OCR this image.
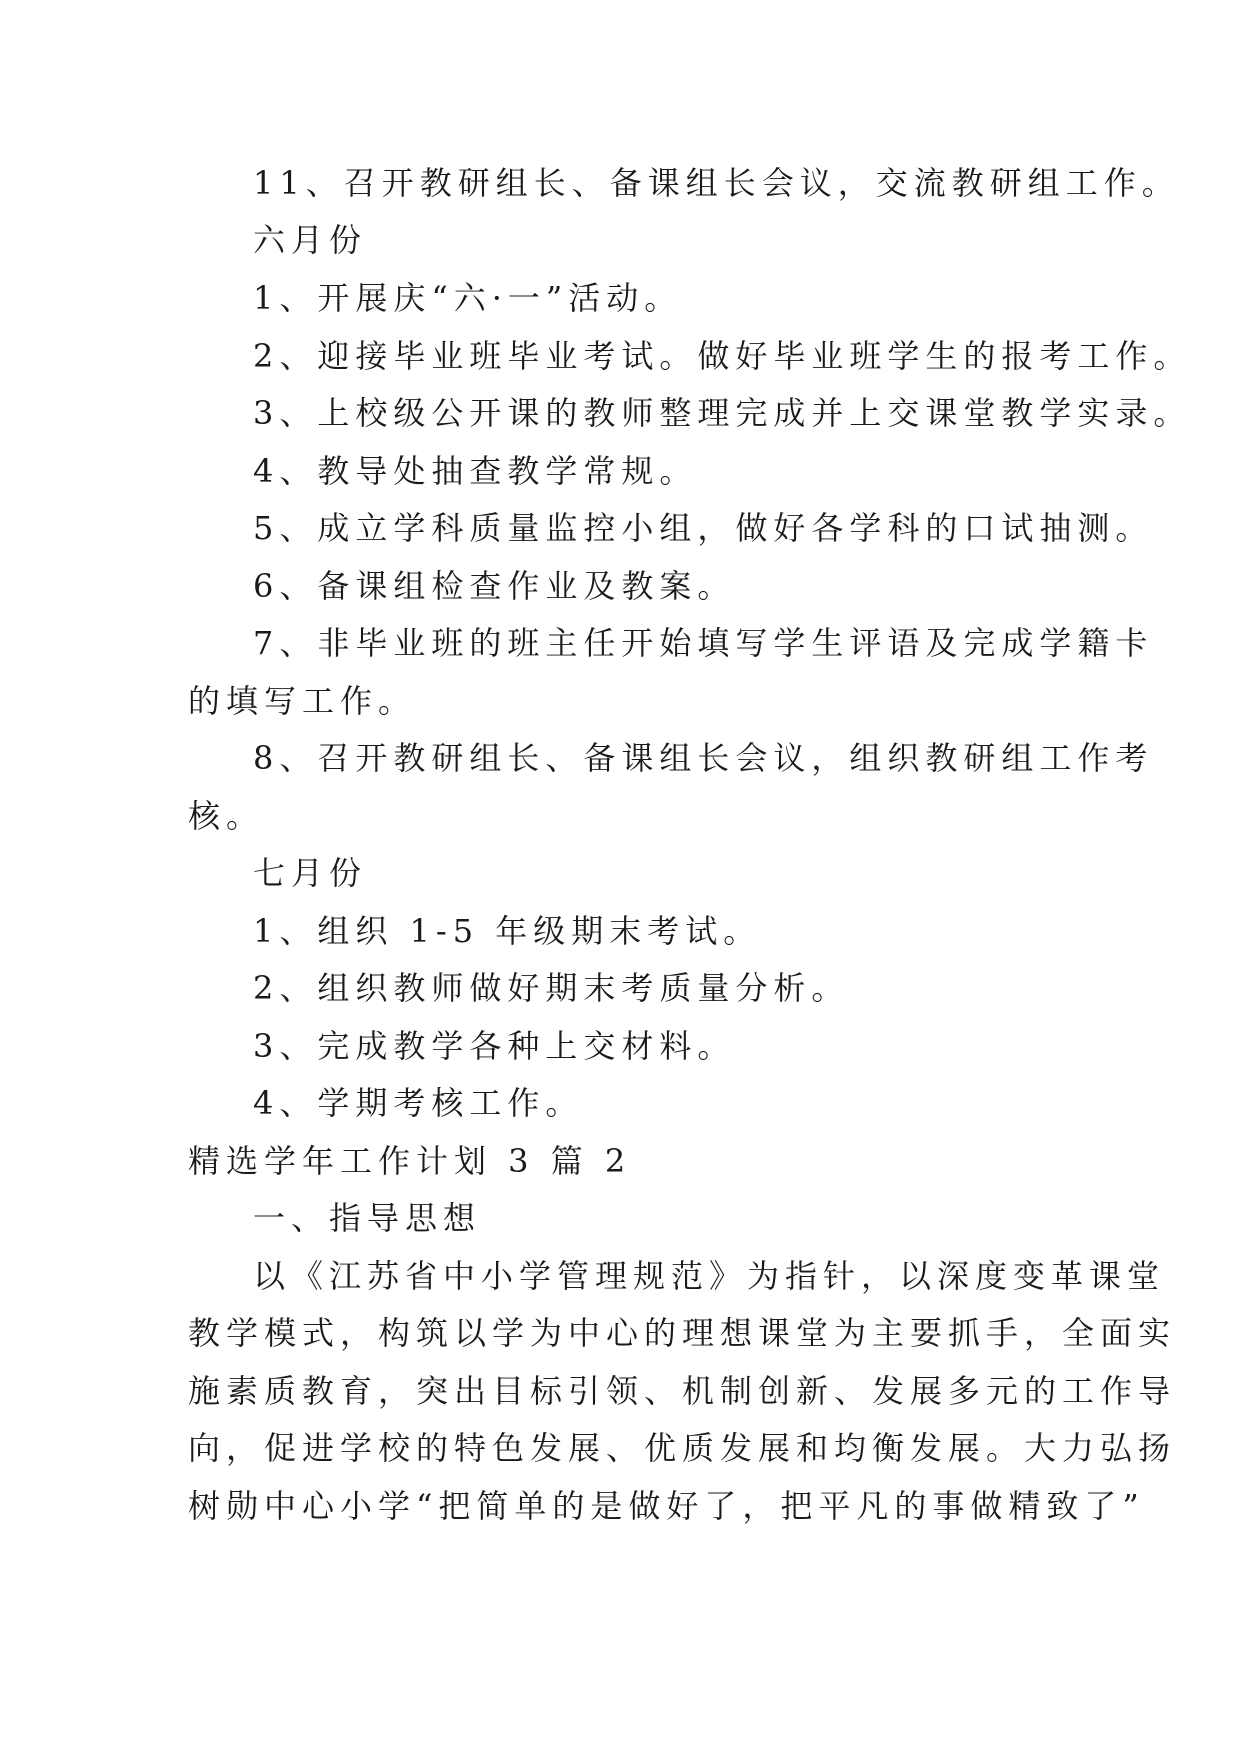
11、召开教研组长、备课组长会议，交流教研组工作。
六月份
1、开展庆“六·一”活动。
2、迎接毕业班毕业考试。做好毕业班学生的报考工作。
3、上校级公开课的教师整理完成并上交课堂教学实录。
4、教导处抽查教学常规。
5、成立学科质量监控小组，做好各学科的口试抽测。
6、备课组检查作业及教案。
7、非毕业班的班主任开始填写学生评语及完成学籍卡
的填写工作。
8、召开教研组长、备课组长会议，组织教研组工作考
核。
七月份
1、组织 1-5 年级期末考试。
2、组织教师做好期末考质量分析。
3、完成教学各种上交材料。
4、学期考核工作。
精选学年工作计划 3 篇 2
一、指导思想
以《江苏省中小学管理规范》为指针，以深度变革课堂
教学模式，构筑以学为中心的理想课堂为主要抓手，全面实
施素质教育，突出目标引领、机制创新、发展多元的工作导
向，促进学校的特色发展、优质发展和均衡发展。大力弘扬
树勋中心小学“把简单的是做好了，把平凡的事做精致了”
